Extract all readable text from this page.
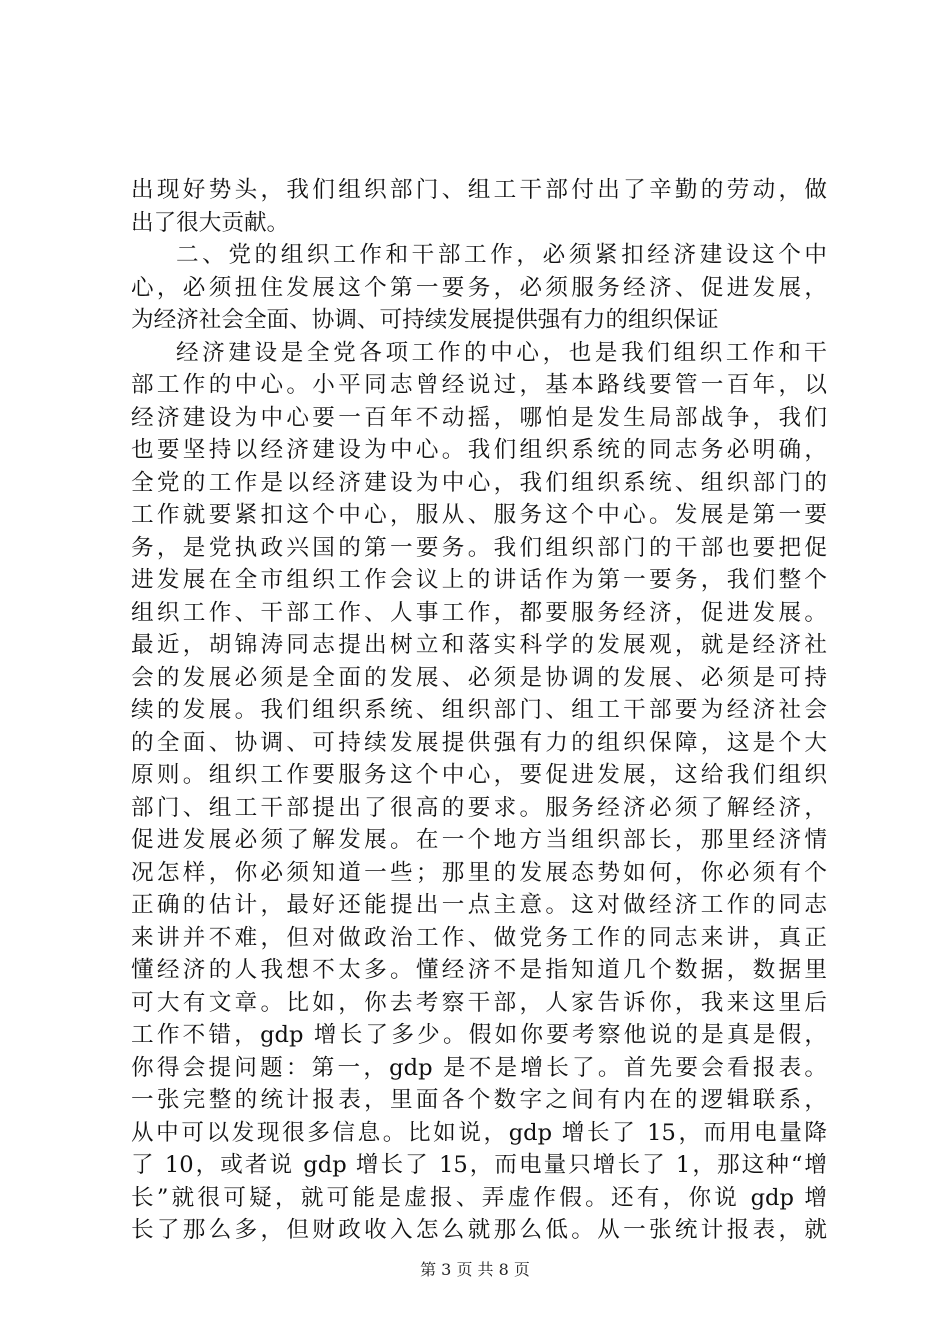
出现好势头，我们组织部门、组工干部付出了辛勤的劳动，做
出了很大贡献。
二、党的组织工作和干部工作，必须紧扣经济建设这个中
心，必须扭住发展这个第一要务，必须服务经济、促进发展，
为经济社会全面、协调、可持续发展提供强有力的组织保证
经济建设是全党各项工作的中心，也是我们组织工作和干
部工作的中心。小平同志曾经说过，基本路线要管一百年，以
经济建设为中心要一百年不动摇，哪怕是发生局部战争，我们
也要坚持以经济建设为中心。我们组织系统的同志务必明确，
全党的工作是以经济建设为中心，我们组织系统、组织部门的
工作就要紧扣这个中心，服从、服务这个中心。发展是第一要
务，是党执政兴国的第一要务。我们组织部门的干部也要把促
进发展在全市组织工作会议上的讲话作为第一要务，我们整个
组织工作、干部工作、人事工作，都要服务经济，促进发展。
最近，胡锦涛同志提出树立和落实科学的发展观，就是经济社
会的发展必须是全面的发展、必须是协调的发展、必须是可持
续的发展。我们组织系统、组织部门、组工干部要为经济社会
的全面、协调、可持续发展提供强有力的组织保障，这是个大
原则。组织工作要服务这个中心，要促进发展，这给我们组织
部门、组工干部提出了很高的要求。服务经济必须了解经济，
促进发展必须了解发展。在一个地方当组织部长，那里经济情
况怎样，你必须知道一些；那里的发展态势如何，你必须有个
正确的估计，最好还能提出一点主意。这对做经济工作的同志
来讲并不难，但对做政治工作、做党务工作的同志来讲，真正
懂经济的人我想不太多。懂经济不是指知道几个数据，数据里
可大有文章。比如，你去考察干部，人家告诉你，我来这里后
工作不错，gdp 增长了多少。假如你要考察他说的是真是假，
你得会提问题：第一，gdp 是不是增长了。首先要会看报表。
一张完整的统计报表，里面各个数字之间有内在的逻辑联系，
从中可以发现很多信息。比如说，gdp 增长了 15，而用电量降
了 10，或者说 gdp 增长了 15，而电量只增长了 1，那这种“增
长”就很可疑，就可能是虚报、弄虚作假。还有，你说 gdp 增
长了那么多，但财政收入怎么就那么低。从一张统计报表，就
第 3 页 共 8 页
